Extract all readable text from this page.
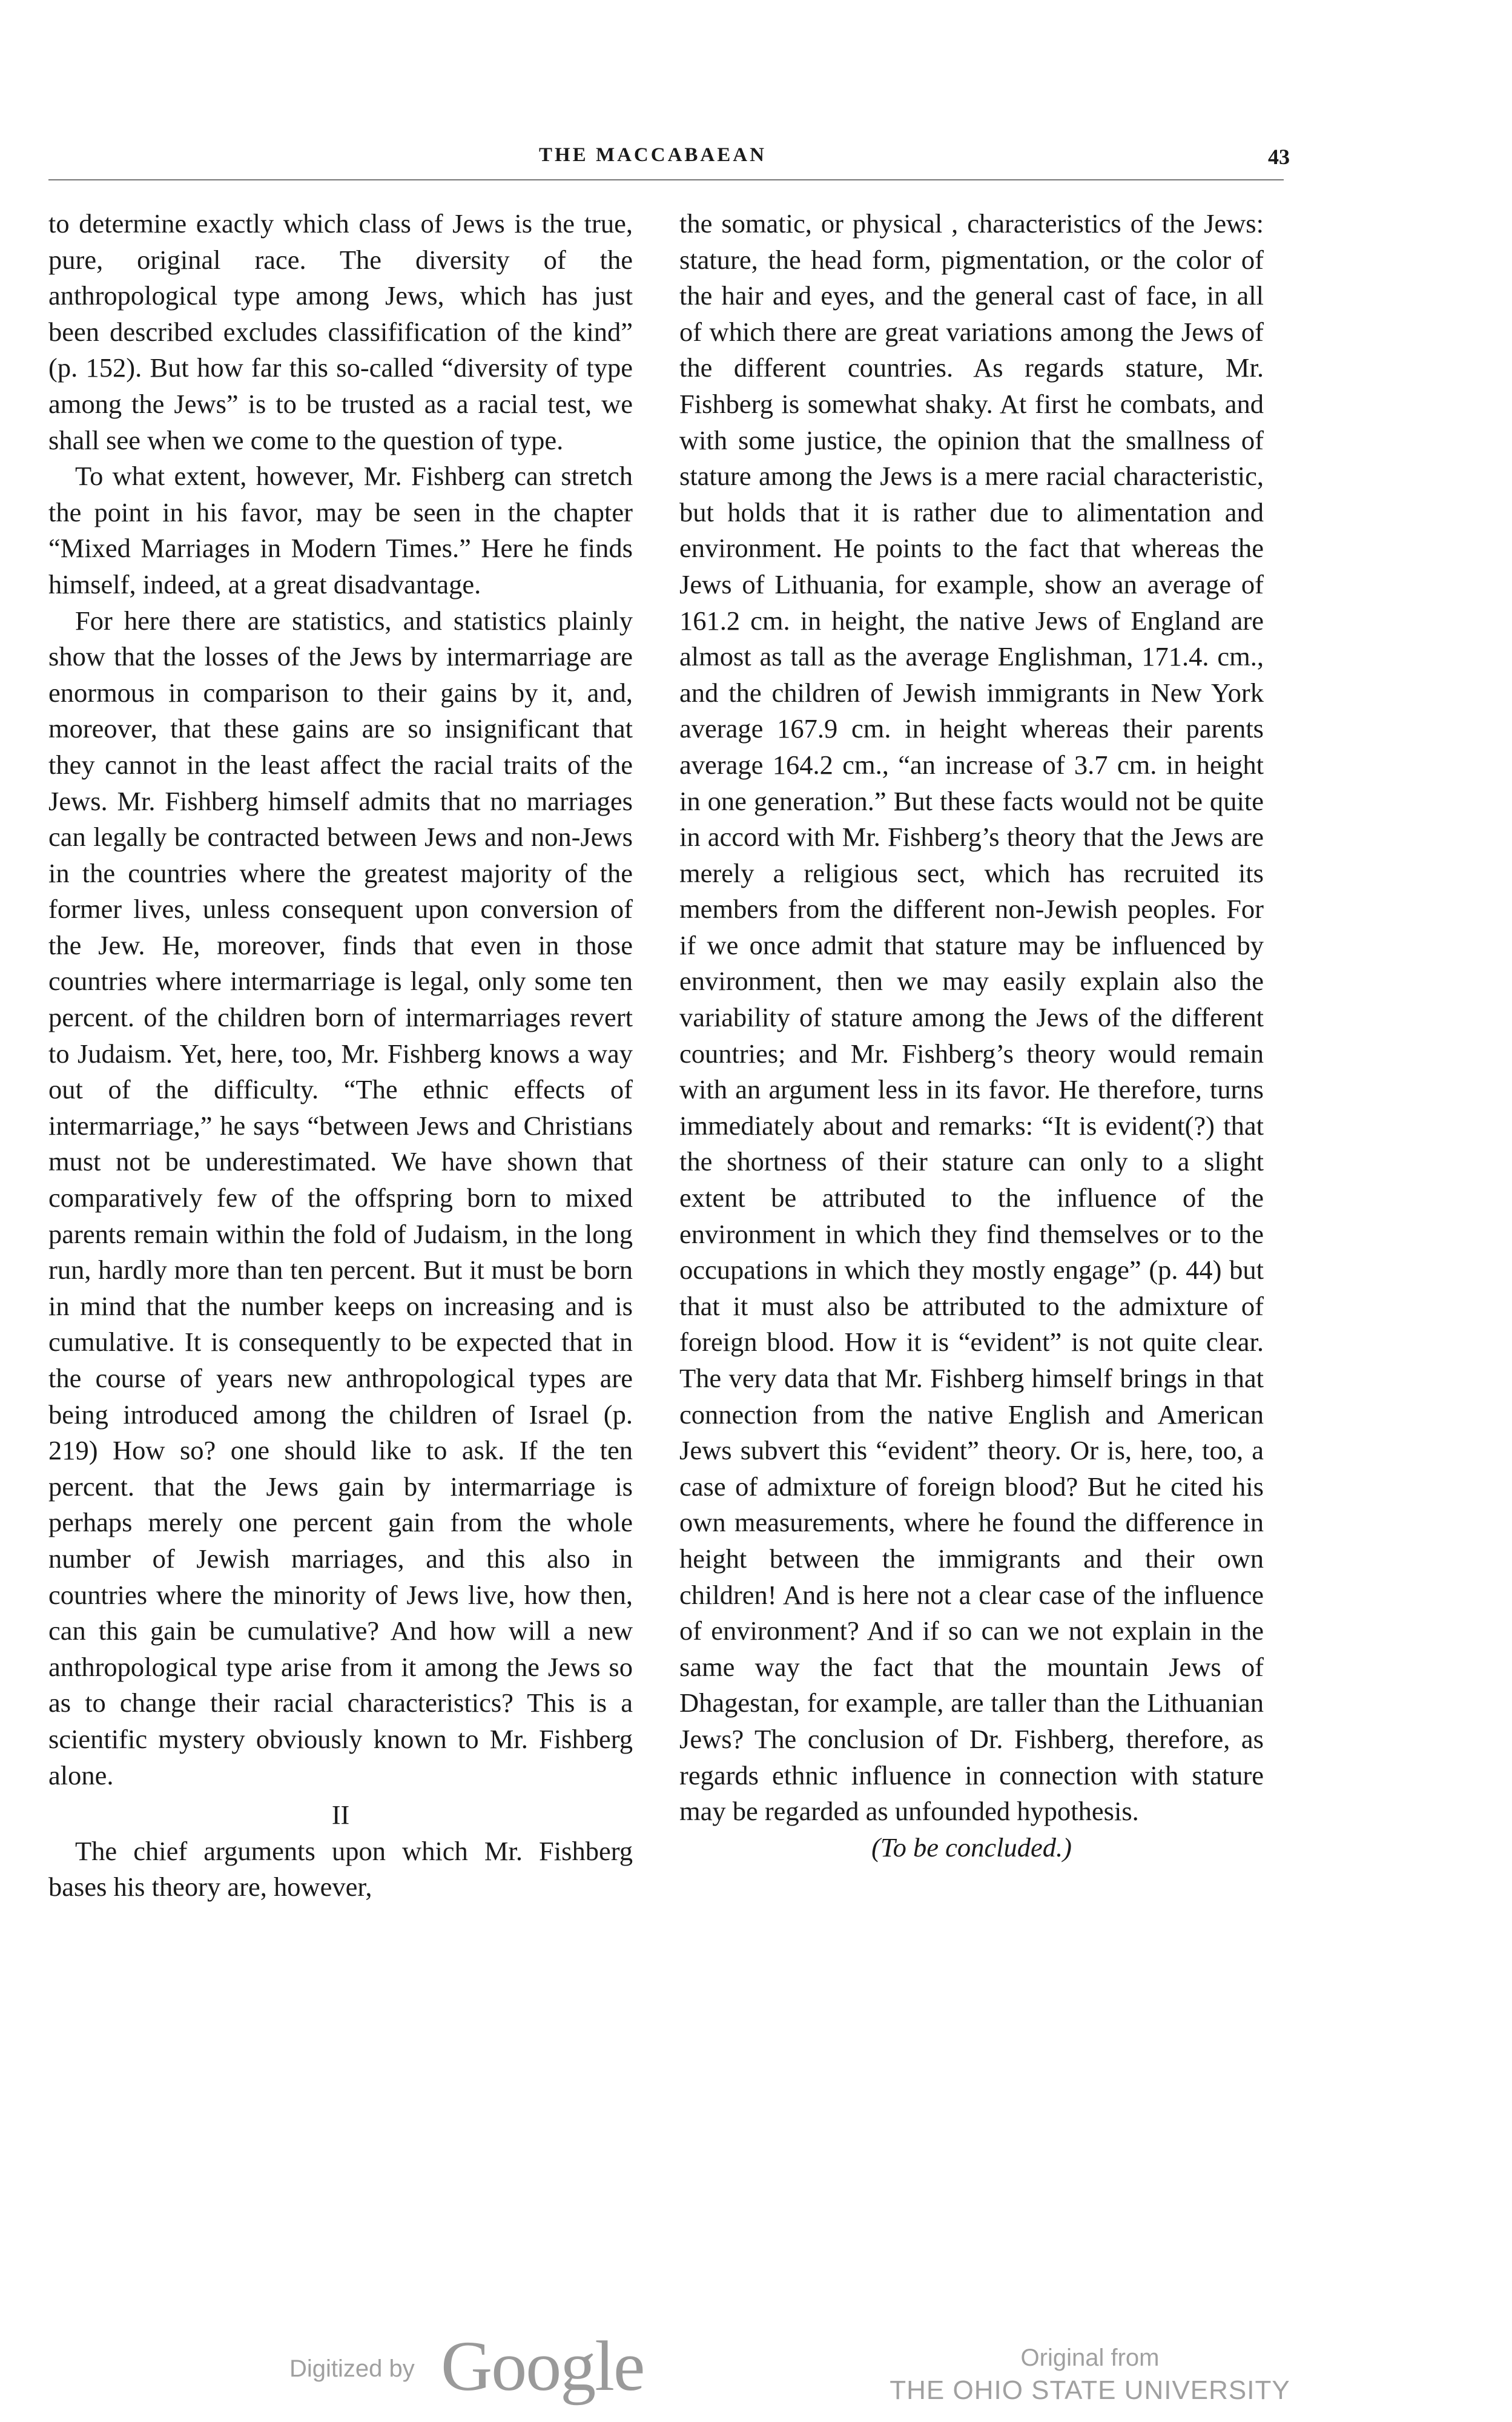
THE MACCABAEAN	43

to determine exactly which class of Jews is the true, pure, original race. The diversity of the anthropological type among Jews, which has just been described excludes classifification of the kind” (p. 152). But how far this so-called “diversity of type among the Jews” is to be trusted as a racial test, we shall see when we come to the question of type.

To what extent, however, Mr. Fishberg can stretch the point in his favor, may be seen in the chapter “Mixed Marriages in Modern Times.” Here he finds himself, indeed, at a great disadvantage.

For here there are statistics, and statistics plainly show that the losses of the Jews by intermarriage are enormous in comparison to their gains by it, and, moreover, that these gains are so insignificant that they cannot in the least affect the racial traits of the Jews. Mr. Fishberg himself admits that no marriages can legally be contracted between Jews and non-Jews in the countries where the greatest majority of the former lives, unless consequent upon conversion of the Jew. He, moreover, finds that even in those countries where intermarriage is legal, only some ten percent. of the children born of intermarriages revert to Judaism. Yet, here, too, Mr. Fishberg knows a way out of the difficulty. “The ethnic effects of intermarriage,” he says “between Jews and Christians must not be underestimated. We have shown that comparatively few of the offspring born to mixed parents remain within the fold of Judaism, in the long run, hardly more than ten percent. But it must be born in mind that the number keeps on increasing and is cumulative. It is consequently to be expected that in the course of years new anthropological types are being introduced among the children of Israel (p. 219) How so? one should like to ask. If the ten percent. that the Jews gain by intermarriage is perhaps merely one percent gain from the whole number of Jewish marriages, and this also in countries where the minority of Jews live, how then, can this gain be cumulative? And how will a new anthropological type arise from it among the Jews so as to change their racial characteristics? This is a scientific mystery obviously known to Mr. Fishberg alone.

II

The chief arguments upon which Mr. Fishberg bases his theory are, however,

the somatic, or physical , characteristics of the Jews: stature, the head form, pigmentation, or the color of the hair and eyes, and the general cast of face, in all of which there are great variations among the Jews of the different countries. As regards stature, Mr. Fishberg is somewhat shaky. At first he combats, and with some justice, the opinion that the smallness of stature among the Jews is a mere racial characteristic, but holds that it is rather due to alimentation and environment. He points to the fact that whereas the Jews of Lithuania, for example, show an average of 161.2 cm. in height, the native Jews of England are almost as tall as the average Englishman, 171.4. cm., and the children of Jewish immigrants in New York average 167.9 cm. in height whereas their parents average 164.2 cm., “an increase of 3.7 cm. in height in one generation.” But these facts would not be quite in accord with Mr. Fishberg’s theory that the Jews are merely a religious sect, which has recruited its members from the different non-Jewish peoples. For if we once admit that stature may be influenced by environment, then we may easily explain also the variability of stature among the Jews of the different countries; and Mr. Fishberg’s theory would remain with an argument less in its favor. He therefore, turns immediately about and remarks: “It is evident(?) that the shortness of their stature can only to a slight extent be attributed to the influence of the environment in which they find themselves or to the occupations in which they mostly engage” (p. 44) but that it must also be attributed to the admixture of foreign blood. How it is “evident” is not quite clear. The very data that Mr. Fishberg himself brings in that connection from the native English and American Jews subvert this “evident” theory. Or is, here, too, a case of admixture of foreign blood? But he cited his own measurements, where he found the difference in height between the immigrants and their own children! And is here not a clear case of the influence of environment? And if so can we not explain in the same way the fact that the mountain Jews of Dhagestan, for example, are taller than the Lithuanian Jews? The conclusion of Dr. Fishberg, therefore, as regards ethnic influence in connection with stature may be regarded as unfounded hypothesis.

(To be concluded.)

Digitized by Google	Original from
THE OHIO STATE UNIVERSITY
